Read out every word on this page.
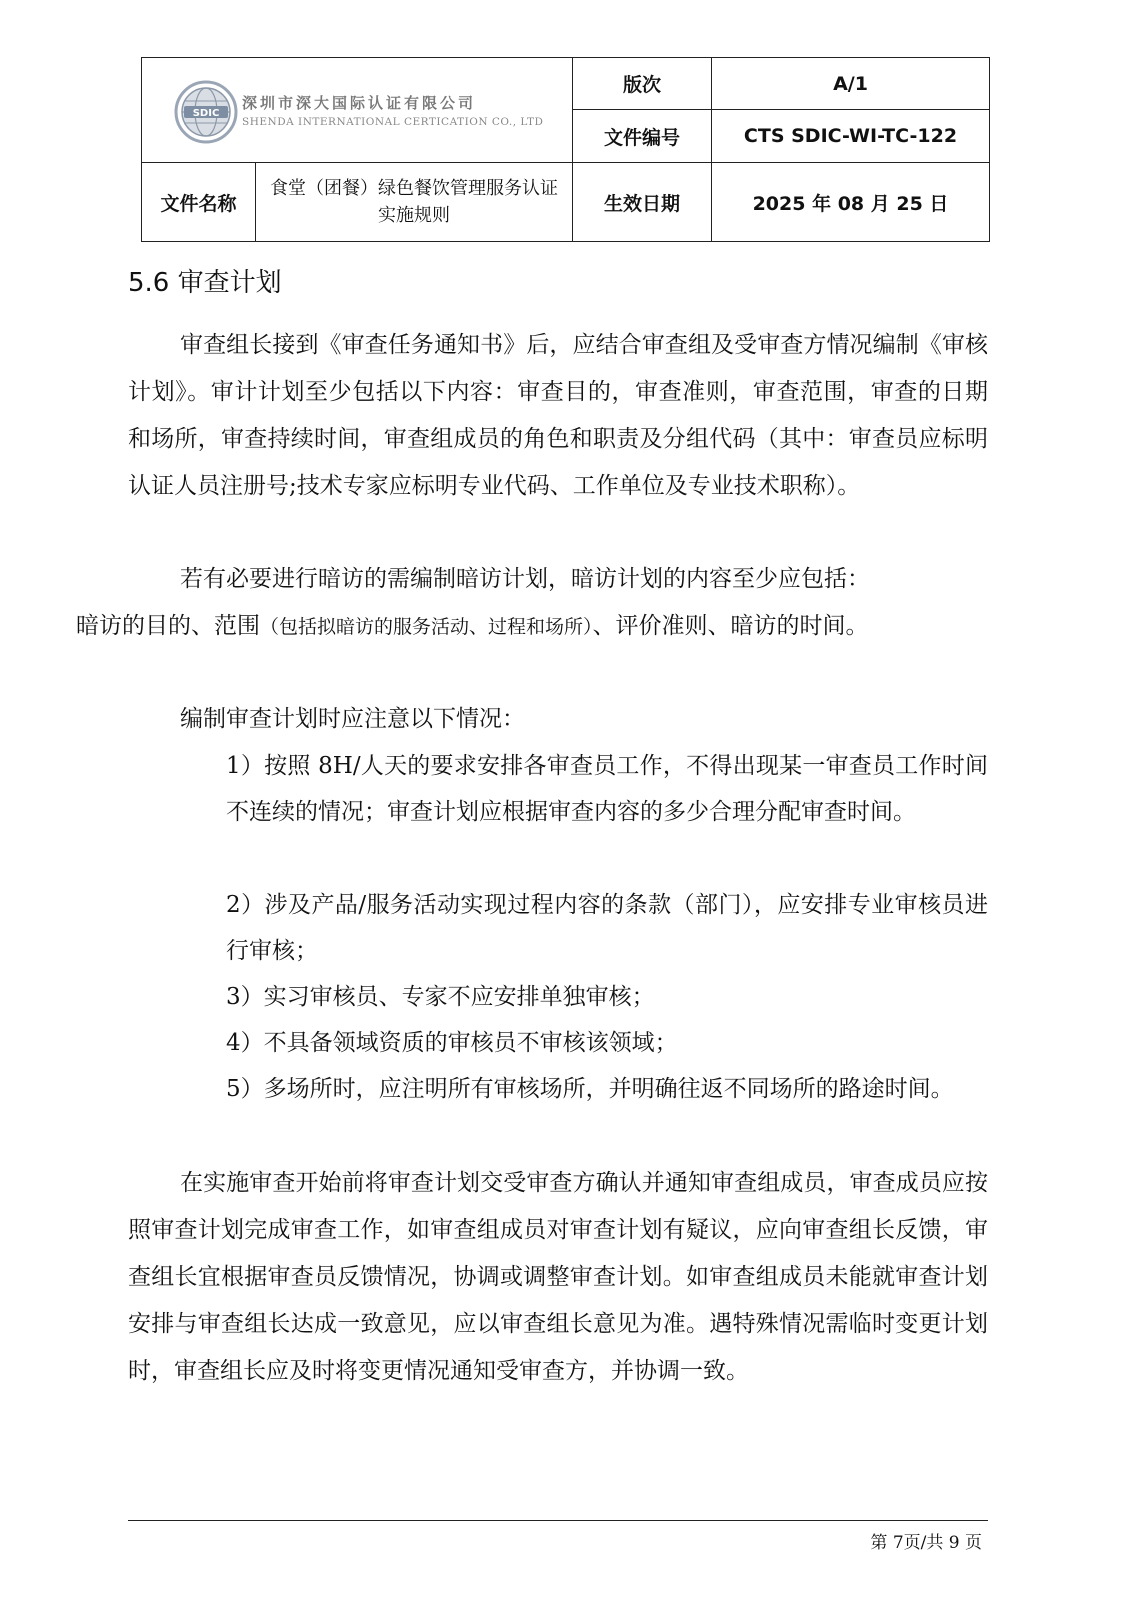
SDIC
深圳市深大国际认证有限公司
SHENDA INTERNATIONAL CERTICATION CO., LTD		版次	A/1
		文件编号	CTS SDIC-WI-TC-122
文件名称	食堂（团餐）绿色餐饮管理服务认证实施规则	生效日期	2025 年 08 月 25 日
5.6 审查计划

审查组长接到《审查任务通知书》后，应结合审查组及受审查方情况编制《审核计划》。审计计划至少包括以下内容：审查目的，审查准则，审查范围，审查的日期和场所，审查持续时间，审查组成员的角色和职责及分组代码（其中：审查员应标明认证人员注册号;技术专家应标明专业代码、工作单位及专业技术职称）。

若有必要进行暗访的需编制暗访计划，暗访计划的内容至少应包括：
暗访的目的、范围（包括拟暗访的服务活动、过程和场所）、评价准则、暗访的时间。

编制审查计划时应注意以下情况：

1）按照 8H/人天的要求安排各审查员工作，不得出现某一审查员工作时间不连续的情况；审查计划应根据审查内容的多少合理分配审查时间。

2）涉及产品/服务活动实现过程内容的条款（部门），应安排专业审核员进行审核；

3）实习审核员、专家不应安排单独审核；

4）不具备领域资质的审核员不审核该领域；

5）多场所时，应注明所有审核场所，并明确往返不同场所的路途时间。

在实施审查开始前将审查计划交受审查方确认并通知审查组成员，审查成员应按照审查计划完成审查工作，如审查组成员对审查计划有疑议，应向审查组长反馈，审查组长宜根据审查员反馈情况，协调或调整审查计划。如审查组成员未能就审查计划安排与审查组长达成一致意见，应以审查组长意见为准。遇特殊情况需临时变更计划时，审查组长应及时将变更情况通知受审查方，并协调一致。

第 7页/共 9 页
